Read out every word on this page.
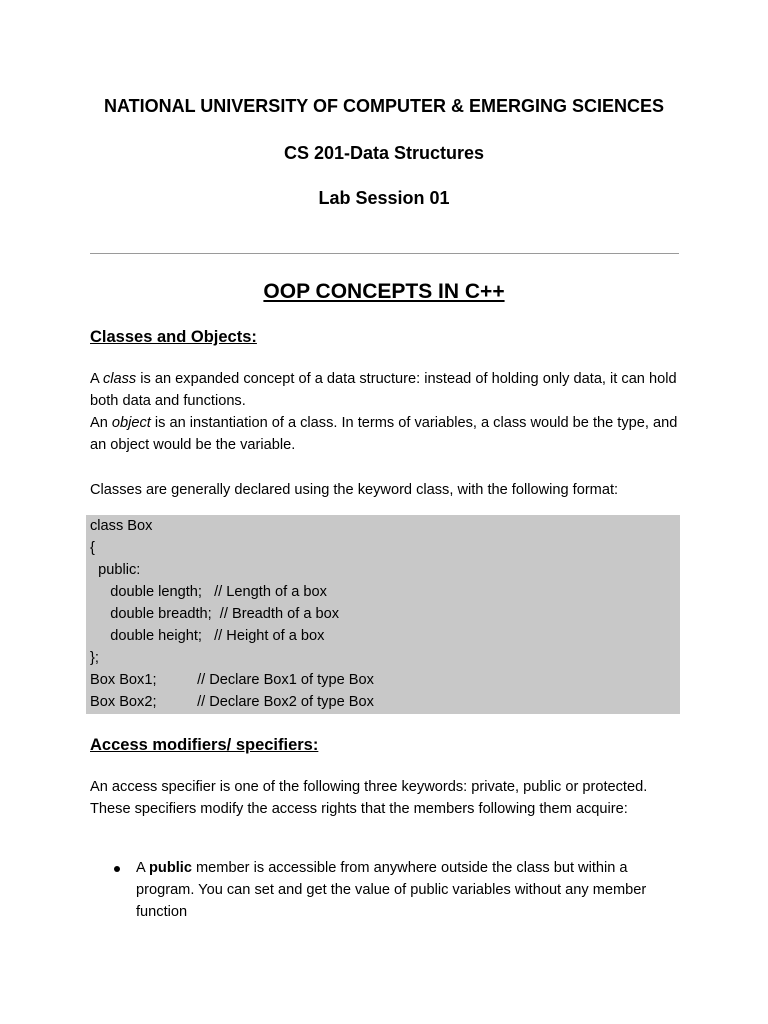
NATIONAL UNIVERSITY OF COMPUTER & EMERGING SCIENCES

CS 201-Data Structures

Lab Session 01

OOP CONCEPTS IN C++

Classes and Objects:

A class is an expanded concept of a data structure: instead of holding only data, it can hold both data and functions.
An object is an instantiation of a class. In terms of variables, a class would be the type, and an object would be the variable.

Classes are generally declared using the keyword class, with the following format:

class Box
{
public:
double length;   // Length of a box
double breadth;  // Breadth of a box
double height;   // Height of a box
};
Box Box1;          // Declare Box1 of type Box
Box Box2;          // Declare Box2 of type Box

Access modifiers/ specifiers:

An access specifier is one of the following three keywords: private, public or protected. These specifiers modify the access rights that the members following them acquire:

A public member is accessible from anywhere outside the class but within a program. You can set and get the value of public variables without any member function
